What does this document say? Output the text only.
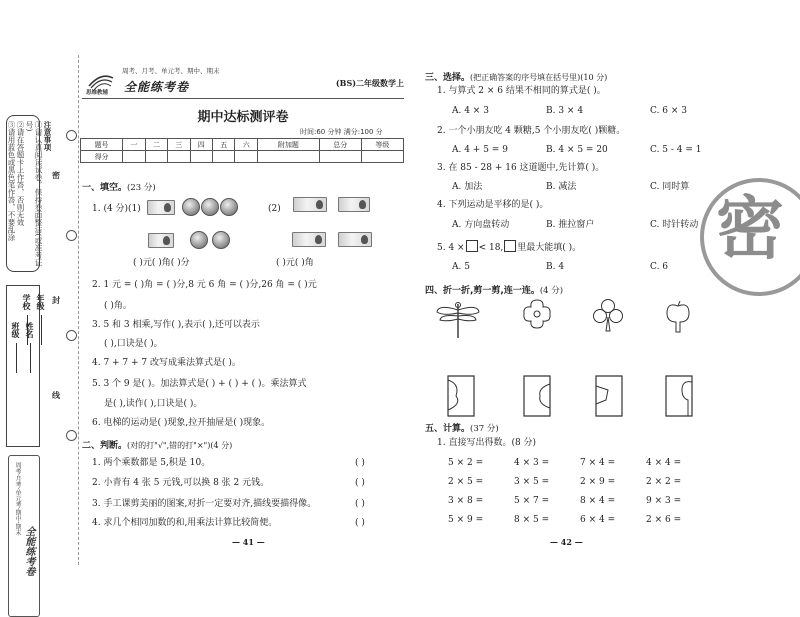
注意事项
①请认真阅读试卷，保持卷面整洁(或准考证号)
②请在答题卡上作答，否则无效
③请用蓝色或黑色笔作答，不要乱涂
学校
班级
年级
姓名
密
封
线
全能练考卷
周考·月考·单元考·期中·期末
思维教辅
周考、月考、单元考、期中、期末
全能练考卷	(BS)二年级数学上
期中达标测评卷
时间:60 分钟 满分:100 分
题号	一	二	三	四	五	六	附加题	总分	等级
得分									
一、填空。(23 分)
1. (4 分)(1)	(2)
( )元( )角( )分	( )元( )角
2. 1 元 = ( )角 = ( )分,8 元 6 角 = ( )分,26 角 = ( )元
( )角。
3. 5 和 3 相乘,写作( ),表示( ),还可以表示
( ),口诀是( )。
4. 7 + 7 + 7 改写成乘法算式是( )。
5. 3 个 9 是( )。加法算式是( ) + ( ) + ( )。乘法算式
是( ),读作( ),口诀是( )。
6. 电梯的运动是( )现象,拉开抽屉是( )现象。
二、判断。(对的打"√",错的打"×")(4 分)
1. 两个乘数都是 5,积是 10。	( )
2. 小青有 4 张 5 元钱,可以换 8 张 2 元钱。	( )
3. 手工课剪美丽的图案,对折一定要对齐,描线要描得像。	( )
4. 求几个相同加数的和,用乘法计算比较简便。	( )
— 41 —
密
三、选择。(把正确答案的序号填在括号里)(10 分)
1. 与算式 2 × 6 结果不相同的算式是( )。
A. 4 × 3	B. 3 × 4	C. 6 × 3
2. 一个小朋友吃 4 颗糖,5 个小朋友吃( )颗糖。
A. 4 + 5 = 9	B. 4 × 5 = 20	C. 5 - 4 = 1
3. 在 85 - 28 + 16 这道题中,先计算( )。
A. 加法	B. 减法	C. 同时算
4. 下列运动是平移的是( )。
A. 方向盘转动	B. 推拉窗户	C. 时针转动
5. 4 × < 18, 里最大能填( )。
A. 5	B. 4	C. 6
四、折一折,剪一剪,连一连。(4 分)
五、计算。(37 分)
1. 直接写出得数。(8 分)
5 × 2 =	4 × 3 =	7 × 4 =	4 × 4 =
2 × 5 =	3 × 5 =	2 × 9 =	2 × 2 =
3 × 8 =	5 × 7 =	8 × 4 =	9 × 3 =
5 × 9 =	8 × 5 =	6 × 4 =	2 × 6 =
— 42 —
